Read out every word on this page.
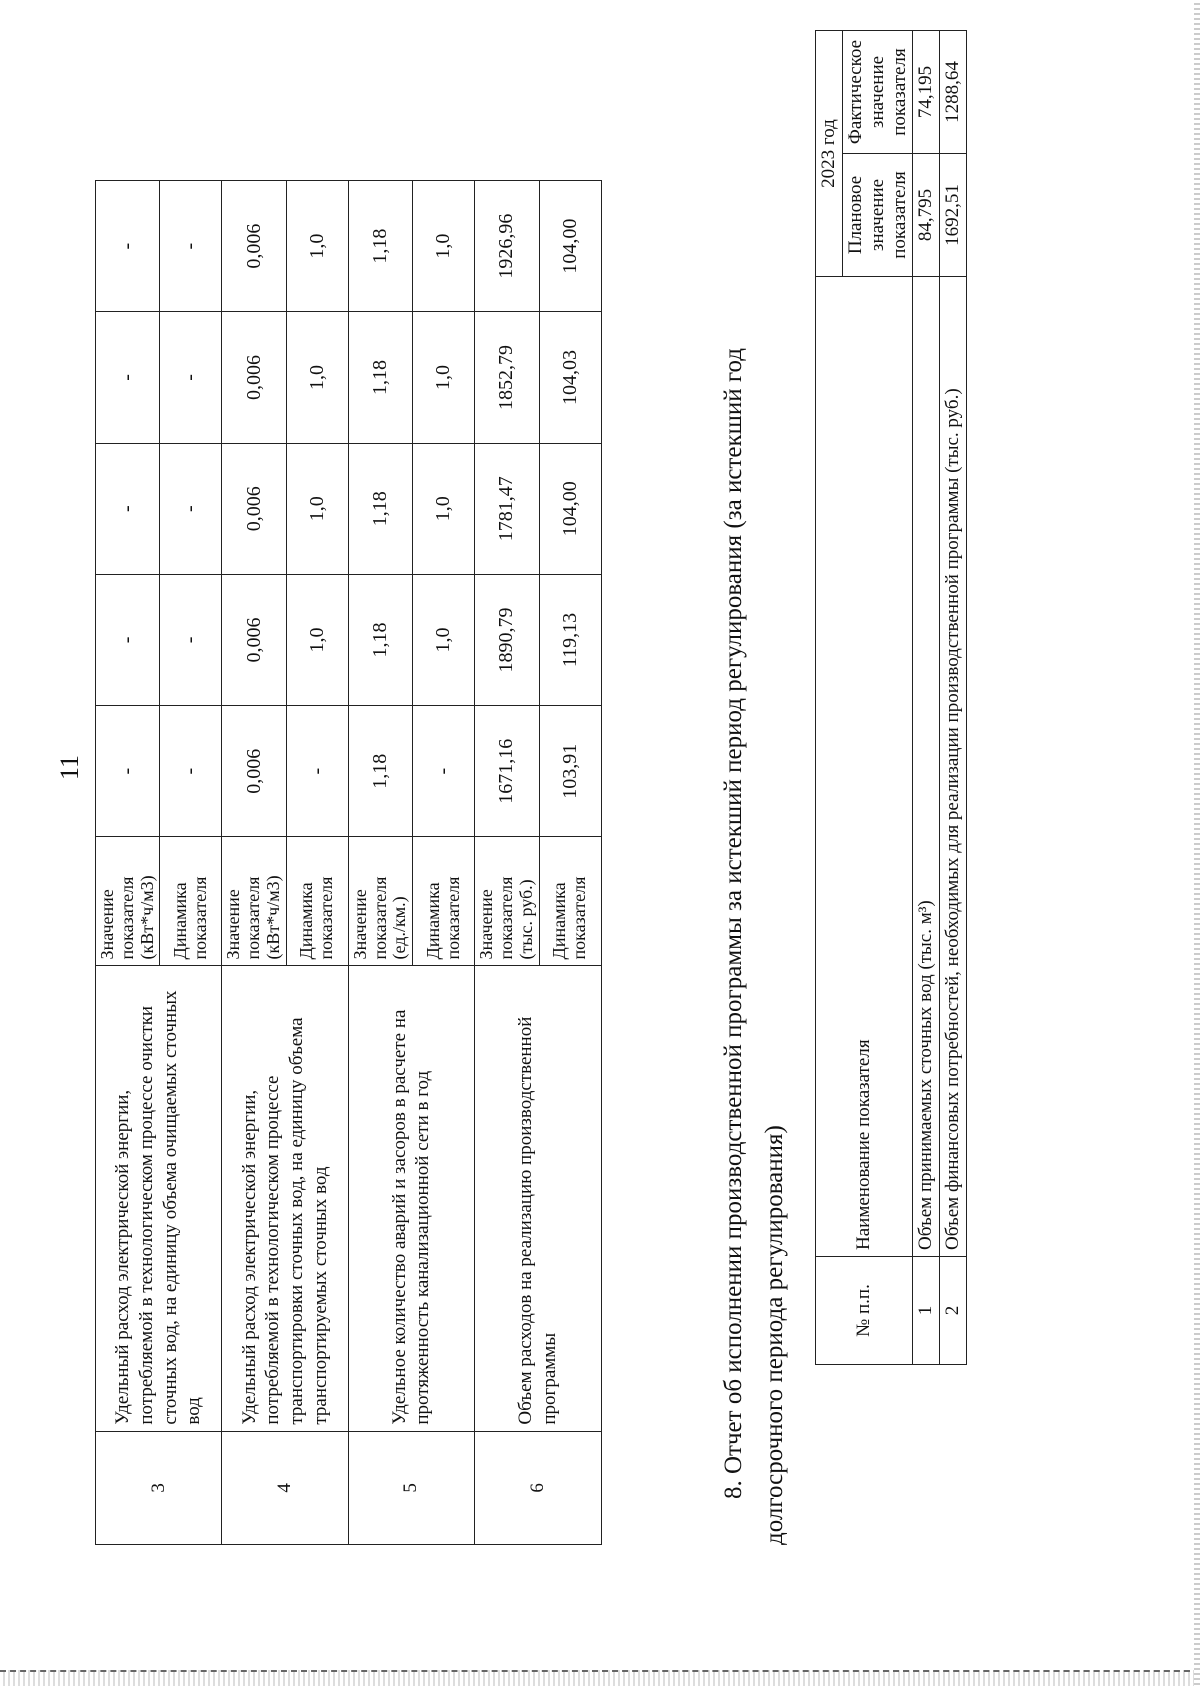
11
3	Удельный расход электрической энергии, потребляемой в технологическом процессе очистки сточных вод, на единицу объема очищаемых сточных вод	Значение показателя (кВт*ч/м3)	-	-	-	-	-
		Динамика показателя	-	-	-	-	-
4	Удельный расход электрической энергии, потребляемой в технологическом процессе транспортировки сточных вод, на единицу объема транспортируемых сточных вод	Значение показателя (кВт*ч/м3)	0,006	0,006	0,006	0,006	0,006
		Динамика показателя	-	1,0	1,0	1,0	1,0
5	Удельное количество аварий и засоров в расчете на протяженность канализационной сети в год	Значение показателя (ед./км.)	1,18	1,18	1,18	1,18	1,18
		Динамика показателя	-	1,0	1,0	1,0	1,0
6	Объем расходов на реализацию производственной программы	Значение показателя (тыс. руб.)	1671,16	1890,79	1781,47	1852,79	1926,96
		Динамика показателя	103,91	119,13	104,00	104,03	104,00
8. Отчет об исполнении производственной программы за истекший период регулирования (за истекший год долгосрочного периода регулирования)	№ п.п.	Наименование показателя	2023 год	
		Плановое значение показателя	Фактическое значение показателя
1	Объем принимаемых сточных вод (тыс. м³)	84,795	74,195
2	Объем финансовых потребностей, необходимых для реализации производственной программы (тыс. руб.)	1692,51	1288,64
